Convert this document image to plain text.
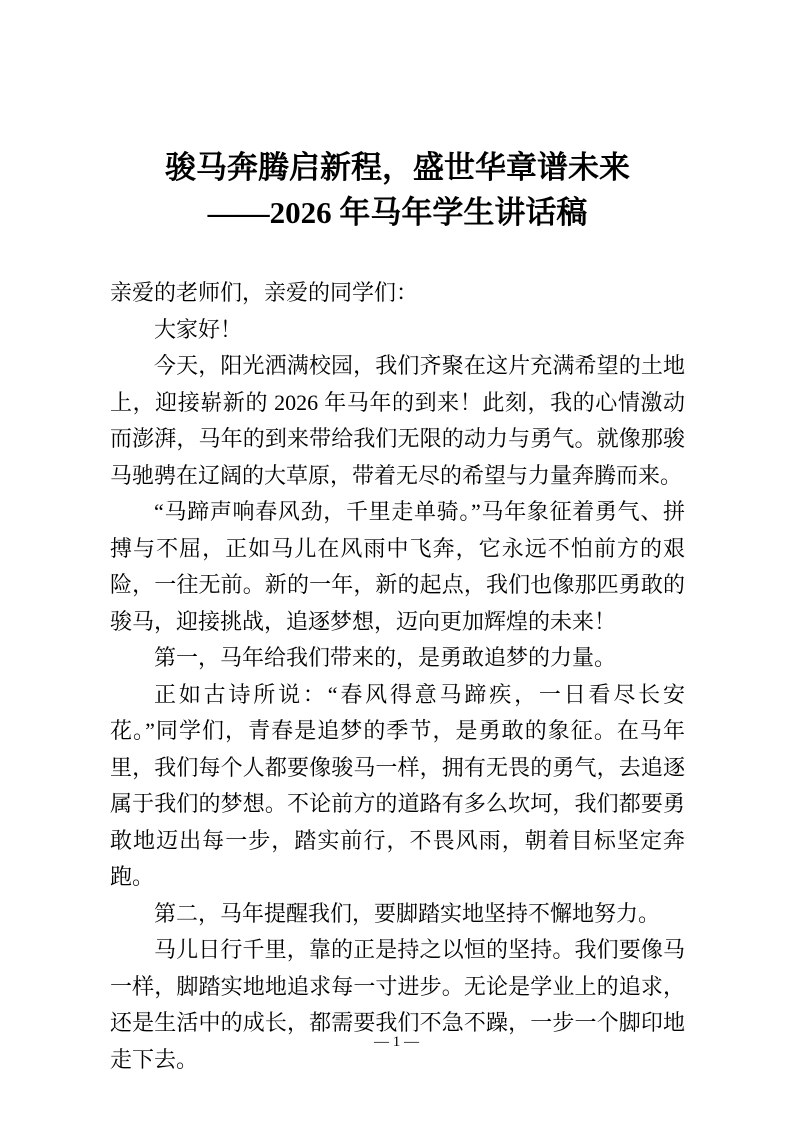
骏马奔腾启新程，盛世华章谱未来
——2026 年马年学生讲话稿

亲爱的老师们，亲爱的同学们：

大家好！

今天，阳光洒满校园，我们齐聚在这片充满希望的土地上，迎接崭新的 2026 年马年的到来！此刻，我的心情激动而澎湃，马年的到来带给我们无限的动力与勇气。就像那骏马驰骋在辽阔的大草原，带着无尽的希望与力量奔腾而来。

“马蹄声响春风劲，千里走单骑。”马年象征着勇气、拼搏与不屈，正如马儿在风雨中飞奔，它永远不怕前方的艰险，一往无前。新的一年，新的起点，我们也像那匹勇敢的骏马，迎接挑战，追逐梦想，迈向更加辉煌的未来！

第一，马年给我们带来的，是勇敢追梦的力量。

正如古诗所说：“春风得意马蹄疾，一日看尽长安花。”同学们，青春是追梦的季节，是勇敢的象征。在马年里，我们每个人都要像骏马一样，拥有无畏的勇气，去追逐属于我们的梦想。不论前方的道路有多么坎坷，我们都要勇敢地迈出每一步，踏实前行，不畏风雨，朝着目标坚定奔跑。

第二，马年提醒我们，要脚踏实地坚持不懈地努力。

马儿日行千里，靠的正是持之以恒的坚持。我们要像马一样，脚踏实地地追求每一寸进步。无论是学业上的追求，还是生活中的成长，都需要我们不急不躁，一步一个脚印地走下去。

— 1 —
